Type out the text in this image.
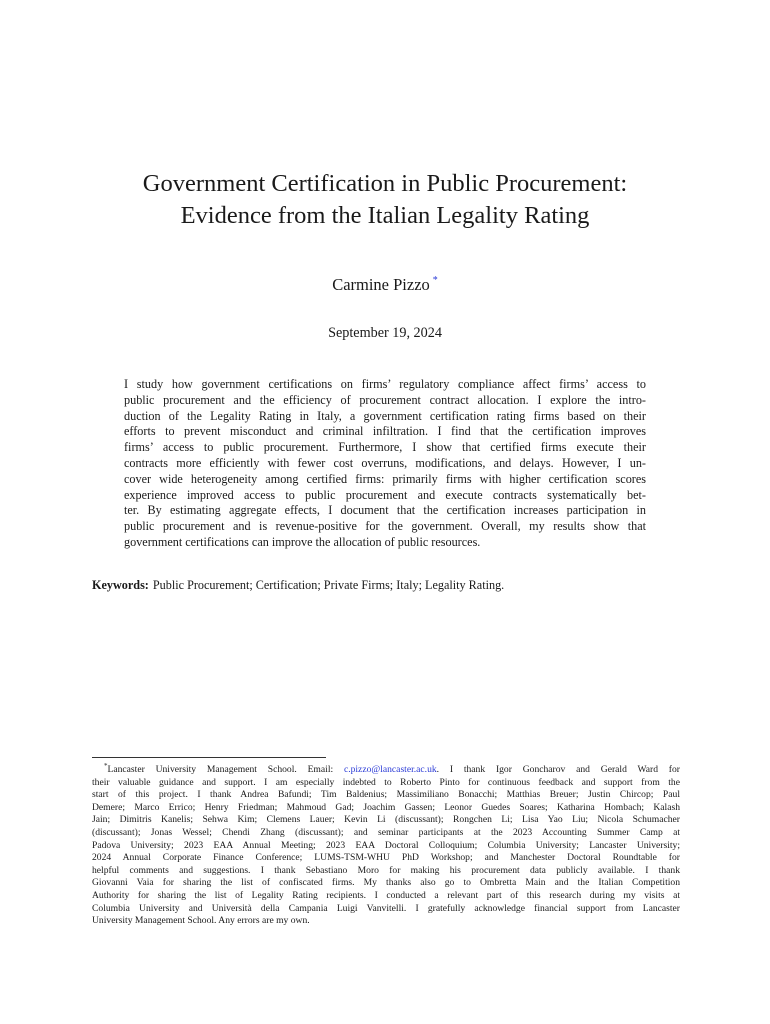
Government Certification in Public Procurement:
Evidence from the Italian Legality Rating
Carmine Pizzo *
September 19, 2024
I study how government certifications on firms’ regulatory compliance affect firms’ access to
public procurement and the efficiency of procurement contract allocation. I explore the intro-
duction of the Legality Rating in Italy, a government certification rating firms based on their
efforts to prevent misconduct and criminal infiltration. I find that the certification improves
firms’ access to public procurement. Furthermore, I show that certified firms execute their
contracts more efficiently with fewer cost overruns, modifications, and delays. However, I un-
cover wide heterogeneity among certified firms: primarily firms with higher certification scores
experience improved access to public procurement and execute contracts systematically bet-
ter. By estimating aggregate effects, I document that the certification increases participation in
public procurement and is revenue-positive for the government. Overall, my results show that
government certifications can improve the allocation of public resources.
Keywords: Public Procurement; Certification; Private Firms; Italy; Legality Rating.
*Lancaster University Management School. Email: c.pizzo@lancaster.ac.uk. I thank Igor Goncharov and Gerald Ward for
their valuable guidance and support. I am especially indebted to Roberto Pinto for continuous feedback and support from the
start of this project. I thank Andrea Bafundi; Tim Baldenius; Massimiliano Bonacchi; Matthias Breuer; Justin Chircop; Paul
Demere; Marco Errico; Henry Friedman; Mahmoud Gad; Joachim Gassen; Leonor Guedes Soares; Katharina Hombach; Kalash
Jain; Dimitris Kanelis; Sehwa Kim; Clemens Lauer; Kevin Li (discussant); Rongchen Li; Lisa Yao Liu; Nicola Schumacher
(discussant); Jonas Wessel; Chendi Zhang (discussant); and seminar participants at the 2023 Accounting Summer Camp at
Padova University; 2023 EAA Annual Meeting; 2023 EAA Doctoral Colloquium; Columbia University; Lancaster University;
2024 Annual Corporate Finance Conference; LUMS-TSM-WHU PhD Workshop; and Manchester Doctoral Roundtable for
helpful comments and suggestions. I thank Sebastiano Moro for making his procurement data publicly available. I thank
Giovanni Vaia for sharing the list of confiscated firms. My thanks also go to Ombretta Main and the Italian Competition
Authority for sharing the list of Legality Rating recipients. I conducted a relevant part of this research during my visits at
Columbia University and Università della Campania Luigi Vanvitelli. I gratefully acknowledge financial support from Lancaster
University Management School. Any errors are my own.
